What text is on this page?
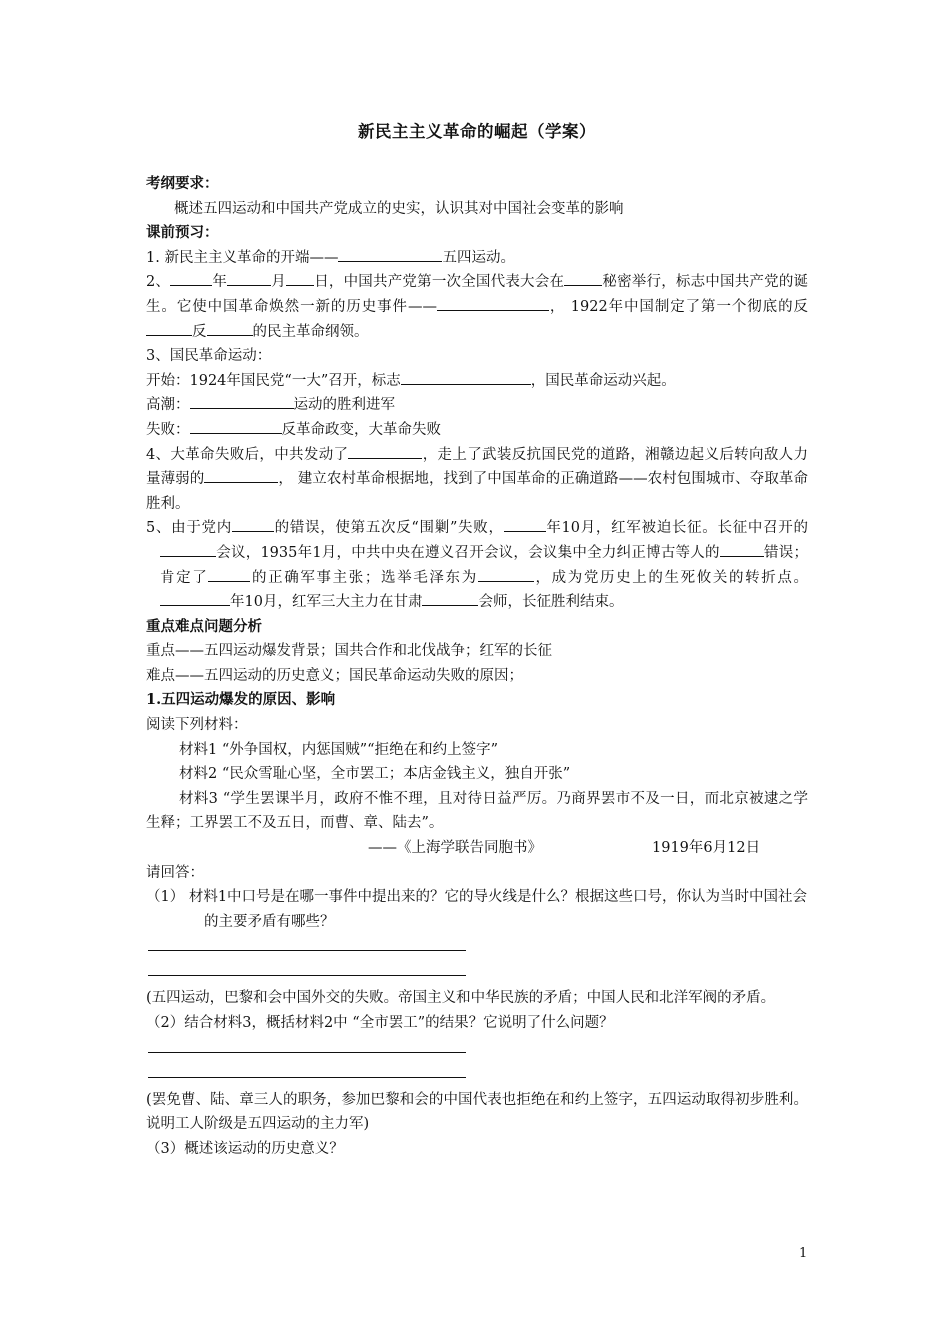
新民主主义革命的崛起（学案）

考纲要求：

概述五四运动和中国共产党成立的史实，认识其对中国社会变革的影响

课前预习：

1. 新民主主义革命的开端——	五四运动。

2、	年	月 日，中国共产党第一次全国代表大会在	秘密举行，标志中国共产党的诞生。它使中国革命焕然一新的历史事件——	， 1922年中国制定了第一个彻底的反反	的民主革命纲领。

3、国民革命运动：

开始：1924年国民党“一大”召开，标志	，国民革命运动兴起。

高潮：	运动的胜利进军

失败：	反革命政变，大革命失败

4、大革命失败后，中共发动了	，走上了武装反抗国民党的道路，湘赣边起义后转向敌人力量薄弱的	， 建立农村革命根据地，找到了中国革命的正确道路——农村包围城市、夺取革命胜利。

5、由于党内	的错误，使第五次反“围剿”失败，	年10月，红军被迫长征。长征中召开的会议，1935年1月，中共中央在遵义召开会议，会议集中全力纠正博古等人的	错误；肯定了	的正确军事主张；选举毛泽东为	，成为党历史上的生死攸关的转折点。年10月，红军三大主力在甘肃	会师，长征胜利结束。

重点难点问题分析

重点——五四运动爆发背景；国共合作和北伐战争；红军的长征

难点——五四运动的历史意义；国民革命运动失败的原因；

1.五四运动爆发的原因、影响

阅读下列材料：

材料1 “外争国权，内惩国贼”“拒绝在和约上签字”

材料2 “民众雪耻心坚，全市罢工；本店金钱主义，独自开张”

材料3 “学生罢课半月，政府不惟不理，且对待日益严厉。乃商界罢市不及一日，而北京被逮之学生释；工界罢工不及五日，而曹、章、陆去”。

——《上海学联告同胞书》	1919年6月12日

请回答：

（1） 材料1中口号是在哪一事件中提出来的？它的导火线是什么？根据这些口号，你认为当时中国社会的主要矛盾有哪些？

(五四运动，巴黎和会中国外交的失败。帝国主义和中华民族的矛盾；中国人民和北洋军阀的矛盾。

（2）结合材料3，概括材料2中 “全市罢工”的结果？它说明了什么问题？

(罢免曹、陆、章三人的职务，参加巴黎和会的中国代表也拒绝在和约上签字，五四运动取得初步胜利。说明工人阶级是五四运动的主力军)

（3）概述该运动的历史意义？

1
